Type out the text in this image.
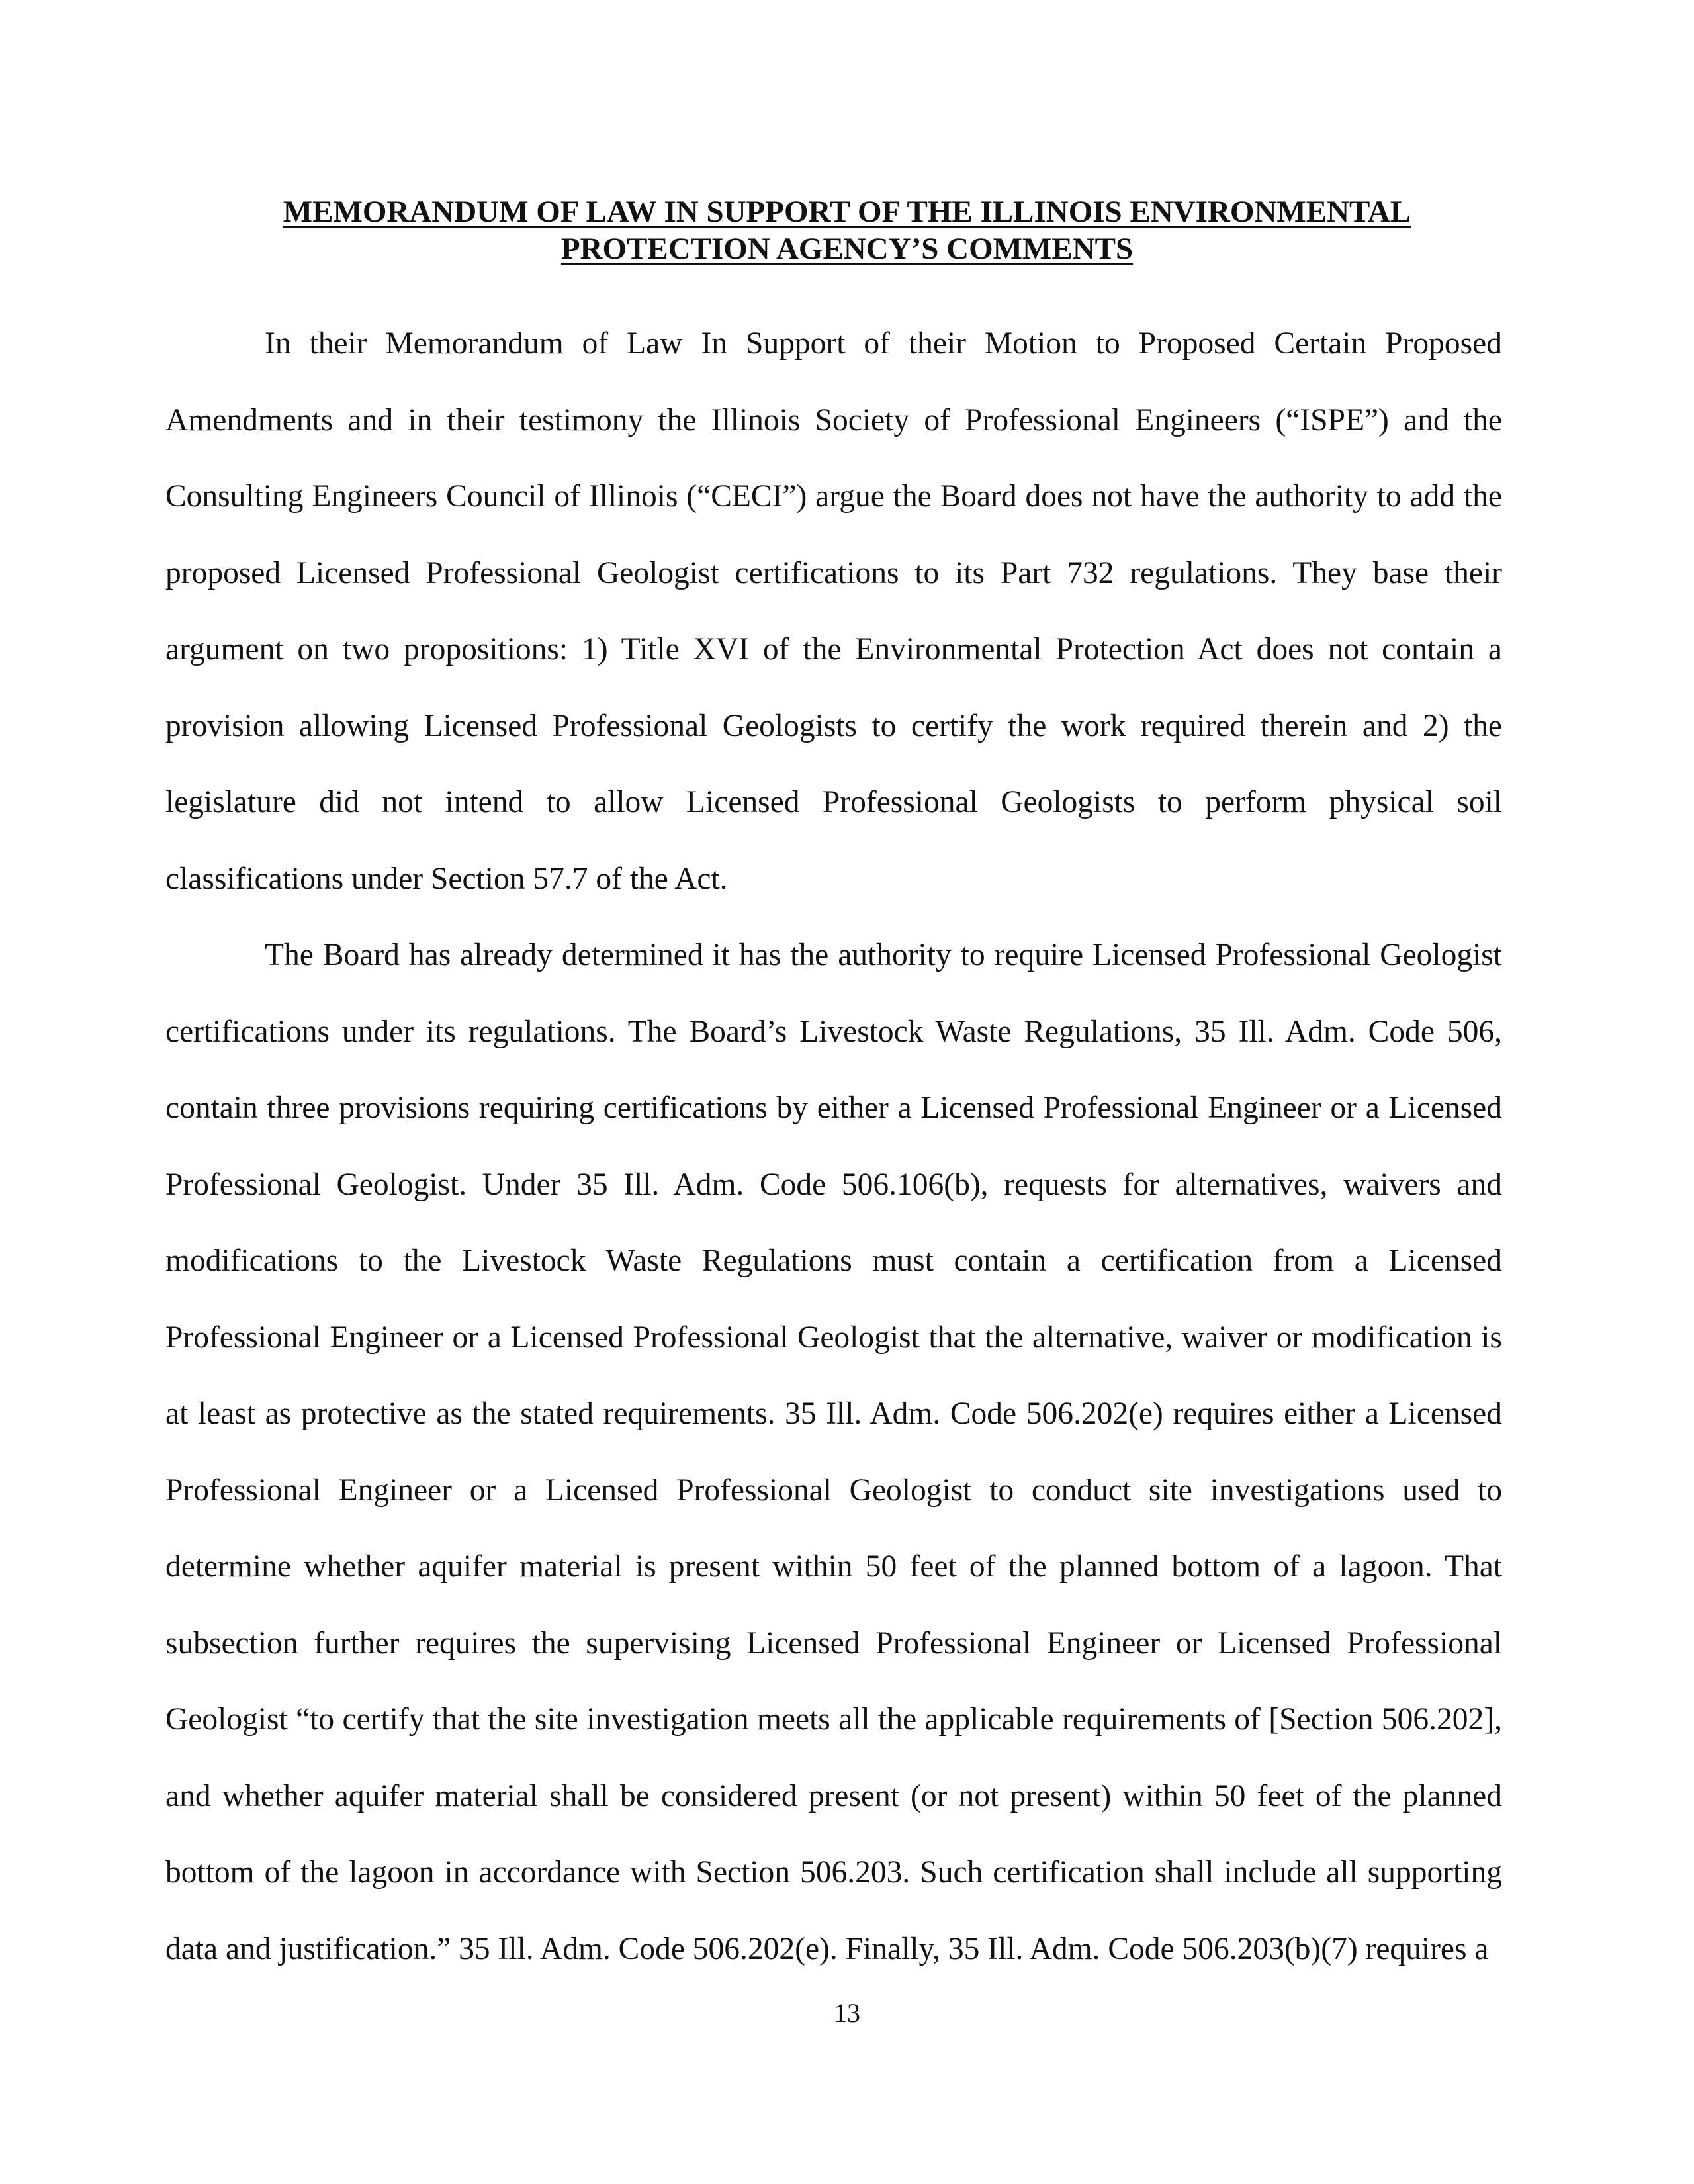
MEMORANDUM OF LAW IN SUPPORT OF THE ILLINOIS ENVIRONMENTAL
PROTECTION AGENCY’S COMMENTS

In their Memorandum of Law In Support of their Motion to Proposed Certain Proposed Amendments and in their testimony the Illinois Society of Professional Engineers (“ISPE”) and the Consulting Engineers Council of Illinois (“CECI”) argue the Board does not have the authority to add the proposed Licensed Professional Geologist certifications to its Part 732 regulations. They base their argument on two propositions: 1) Title XVI of the Environmental Protection Act does not contain a provision allowing Licensed Professional Geologists to certify the work required therein and 2) the legislature did not intend to allow Licensed Professional Geologists to perform physical soil classifications under Section 57.7 of the Act.

The Board has already determined it has the authority to require Licensed Professional Geologist certifications under its regulations. The Board’s Livestock Waste Regulations, 35 Ill. Adm. Code 506, contain three provisions requiring certifications by either a Licensed Professional Engineer or a Licensed Professional Geologist. Under 35 Ill. Adm. Code 506.106(b), requests for alternatives, waivers and modifications to the Livestock Waste Regulations must contain a certification from a Licensed Professional Engineer or a Licensed Professional Geologist that the alternative, waiver or modification is at least as protective as the stated requirements. 35 Ill. Adm. Code 506.202(e) requires either a Licensed Professional Engineer or a Licensed Professional Geologist to conduct site investigations used to determine whether aquifer material is present within 50 feet of the planned bottom of a lagoon. That subsection further requires the supervising Licensed Professional Engineer or Licensed Professional Geologist “to certify that the site investigation meets all the applicable requirements of [Section 506.202], and whether aquifer material shall be considered present (or not present) within 50 feet of the planned bottom of the lagoon in accordance with Section 506.203. Such certification shall include all supporting data and justification.” 35 Ill. Adm. Code 506.202(e). Finally, 35 Ill. Adm. Code 506.203(b)(7) requires a

13
